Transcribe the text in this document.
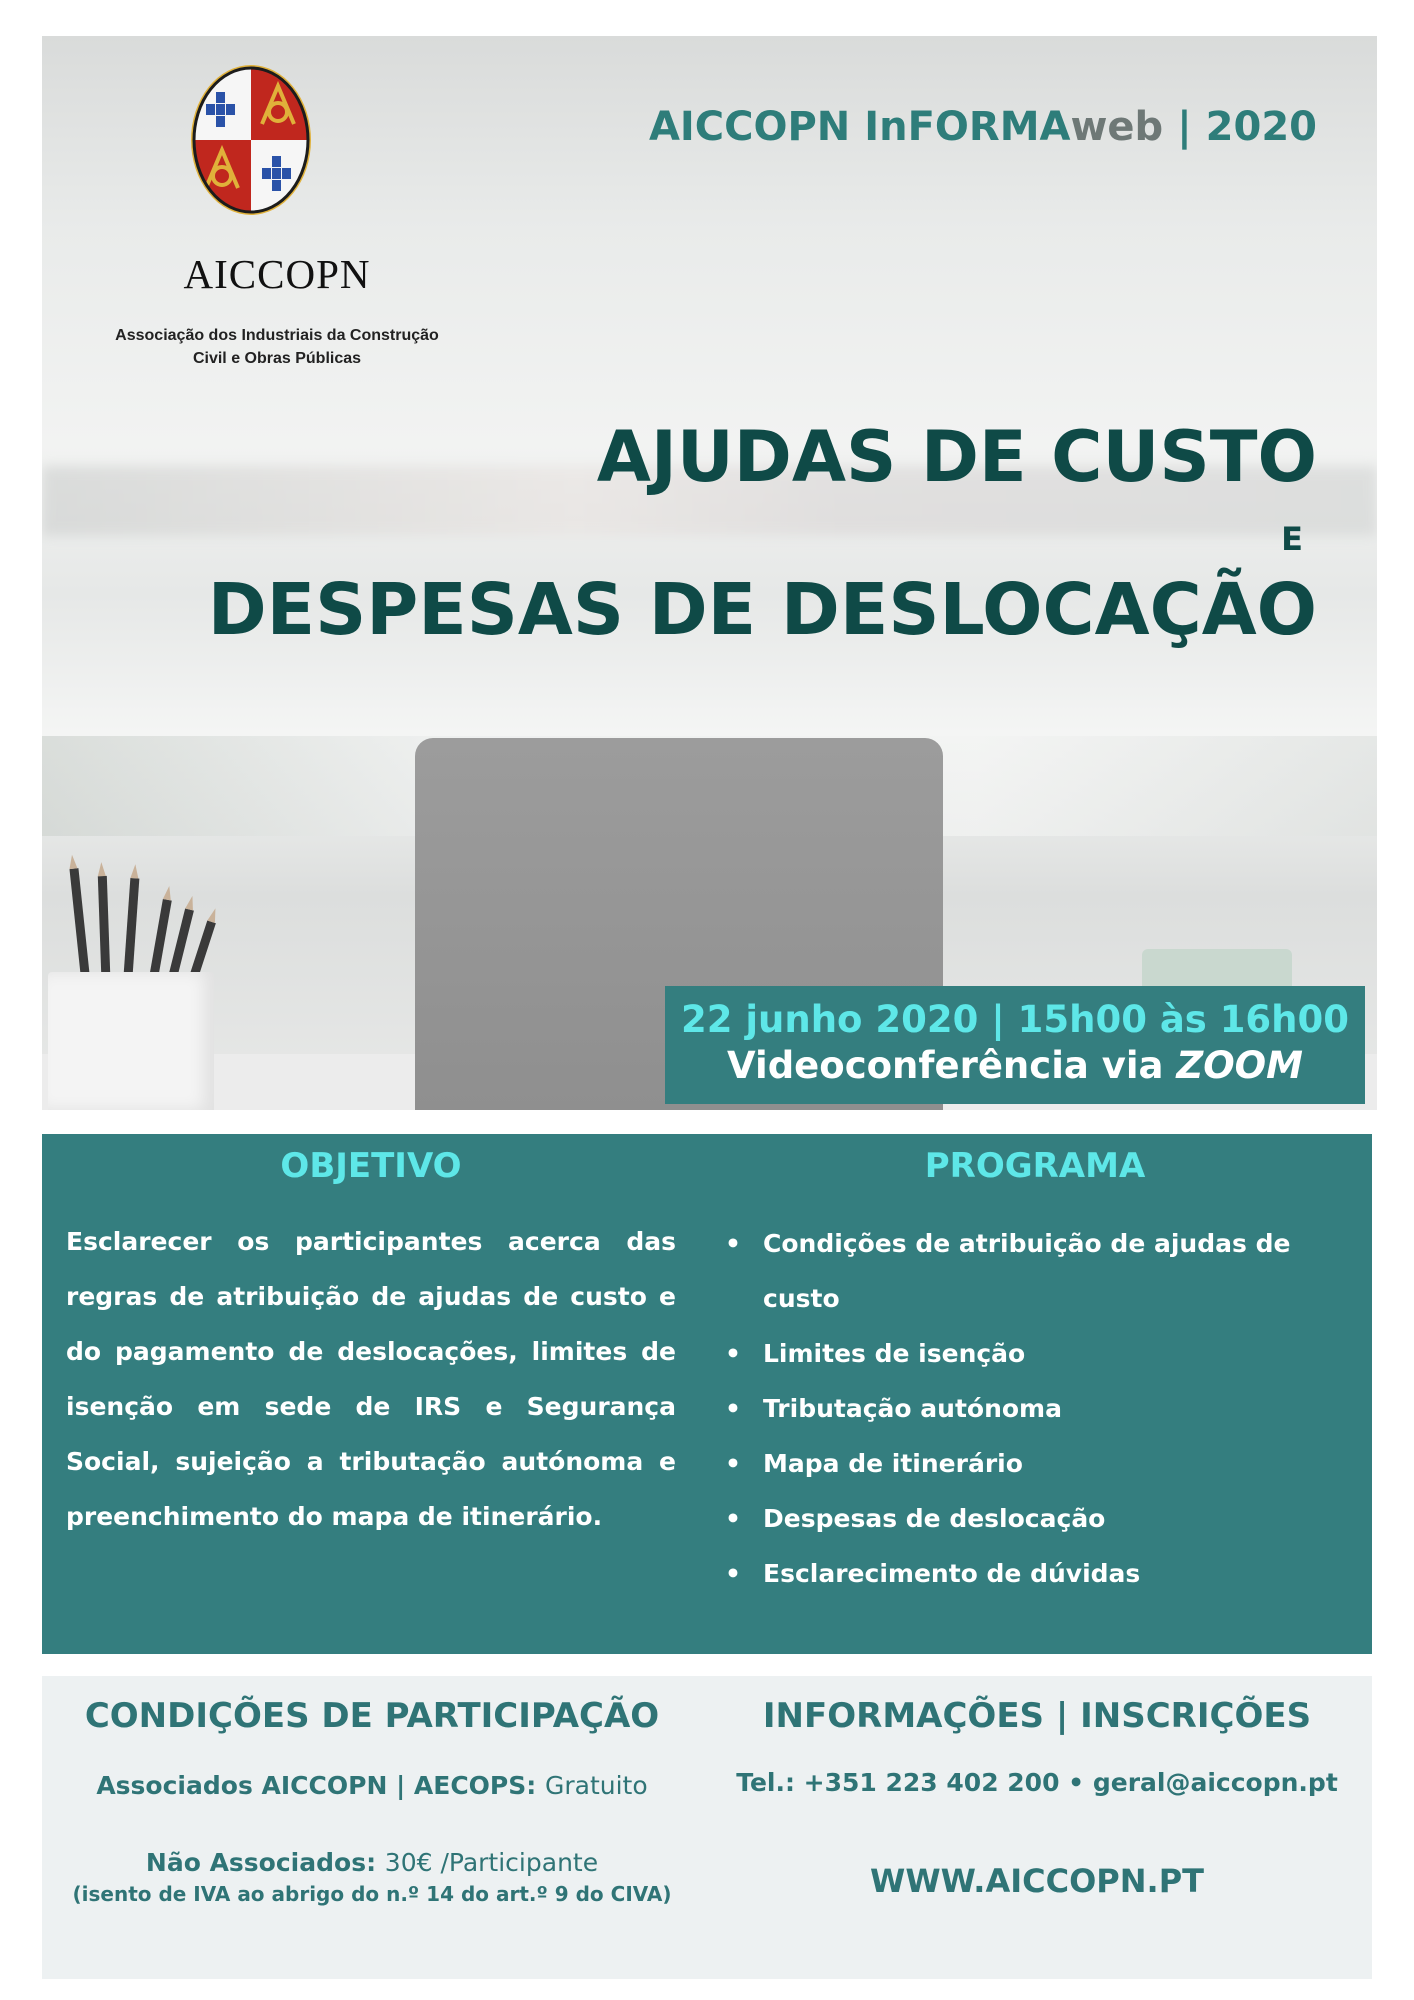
AICCOPN
Associação dos Industriais da Construção
Civil e Obras Públicas
AICCOPN InFORMAweb | 2020
AJUDAS DE CUSTO
E
DESPESAS DE DESLOCAÇÃO
22 junho 2020 | 15h00 às 16h00
Videoconferência via ZOOM
OBJETIVO
Esclarecer os participantes acerca das regras de atribuição de ajudas de custo e do pagamento de deslocações, limites de isenção em sede de IRS e Segurança Social, sujeição a tributação autónoma e preenchimento do mapa de itinerário.
PROGRAMA
• Condições de atribuição de ajudas de custo
• Limites de isenção
• Tributação autónoma
• Mapa de itinerário
• Despesas de deslocação
• Esclarecimento de dúvidas
CONDIÇÕES DE PARTICIPAÇÃO
Associados AICCOPN | AECOPS: Gratuito
Não Associados: 30€ /Participante
(isento de IVA ao abrigo do n.º 14 do art.º 9 do CIVA)
INFORMAÇÕES | INSCRIÇÕES
Tel.: +351 223 402 200 • geral@aiccopn.pt
WWW.AICCOPN.PT
